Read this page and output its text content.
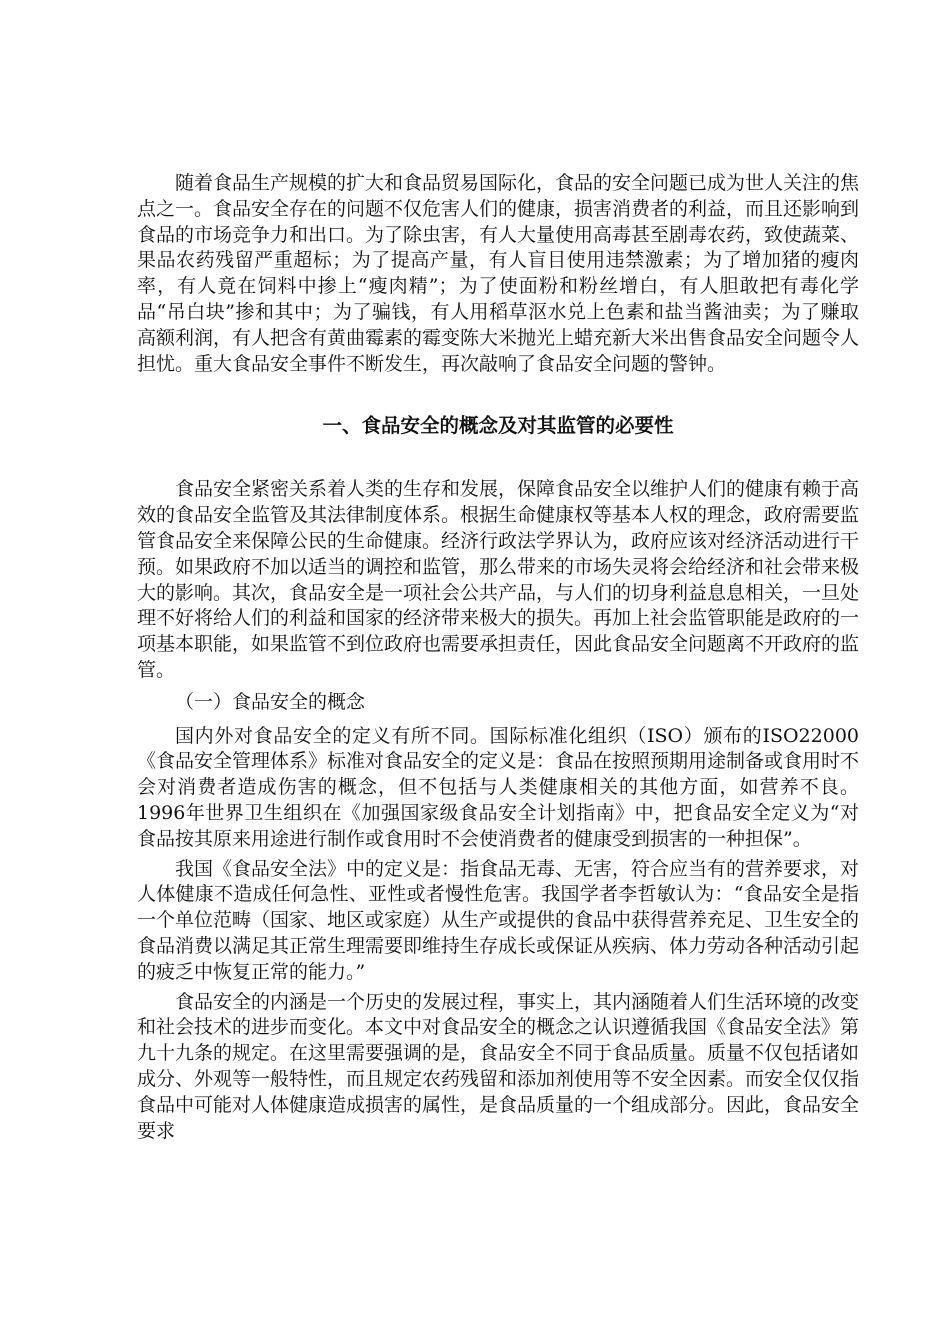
随着食品生产规模的扩大和食品贸易国际化，食品的安全问题已成为世人关注的焦点之一。食品安全存在的问题不仅危害人们的健康，损害消费者的利益，而且还影响到食品的市场竞争力和出口。为了除虫害，有人大量使用高毒甚至剧毒农药，致使蔬菜、果品农药残留严重超标；为了提高产量，有人盲目使用违禁激素；为了增加猪的瘦肉率，有人竟在饲料中掺上“瘦肉精”；为了使面粉和粉丝增白，有人胆敢把有毒化学品“吊白块”掺和其中；为了骗钱，有人用稻草沤水兑上色素和盐当酱油卖；为了赚取高额利润，有人把含有黄曲霉素的霉变陈大米抛光上蜡充新大米出售食品安全问题令人担忧。重大食品安全事件不断发生，再次敲响了食品安全问题的警钟。

一、食品安全的概念及对其监管的必要性

食品安全紧密关系着人类的生存和发展，保障食品安全以维护人们的健康有赖于高效的食品安全监管及其法律制度体系。根据生命健康权等基本人权的理念，政府需要监管食品安全来保障公民的生命健康。经济行政法学界认为，政府应该对经济活动进行干预。如果政府不加以适当的调控和监管，那么带来的市场失灵将会给经济和社会带来极大的影响。其次，食品安全是一项社会公共产品，与人们的切身利益息息相关，一旦处理不好将给人们的利益和国家的经济带来极大的损失。再加上社会监管职能是政府的一项基本职能，如果监管不到位政府也需要承担责任，因此食品安全问题离不开政府的监管。

（一）食品安全的概念

国内外对食品安全的定义有所不同。国际标准化组织（ISO）颁布的ISO22000《食品安全管理体系》标准对食品安全的定义是：食品在按照预期用途制备或食用时不会对消费者造成伤害的概念，但不包括与人类健康相关的其他方面，如营养不良。1996年世界卫生组织在《加强国家级食品安全计划指南》中，把食品安全定义为“对食品按其原来用途进行制作或食用时不会使消费者的健康受到损害的一种担保”。

我国《食品安全法》中的定义是：指食品无毒、无害，符合应当有的营养要求，对人体健康不造成任何急性、亚性或者慢性危害。我国学者李哲敏认为：“食品安全是指一个单位范畴（国家、地区或家庭）从生产或提供的食品中获得营养充足、卫生安全的食品消费以满足其正常生理需要即维持生存成长或保证从疾病、体力劳动各种活动引起的疲乏中恢复正常的能力。”

食品安全的内涵是一个历史的发展过程，事实上，其内涵随着人们生活环境的改变和社会技术的进步而变化。本文中对食品安全的概念之认识遵循我国《食品安全法》第九十九条的规定。在这里需要强调的是，食品安全不同于食品质量。质量不仅包括诸如成分、外观等一般特性，而且规定农药残留和添加剂使用等不安全因素。而安全仅仅指食品中可能对人体健康造成损害的属性，是食品质量的一个组成部分。因此，食品安全要求
